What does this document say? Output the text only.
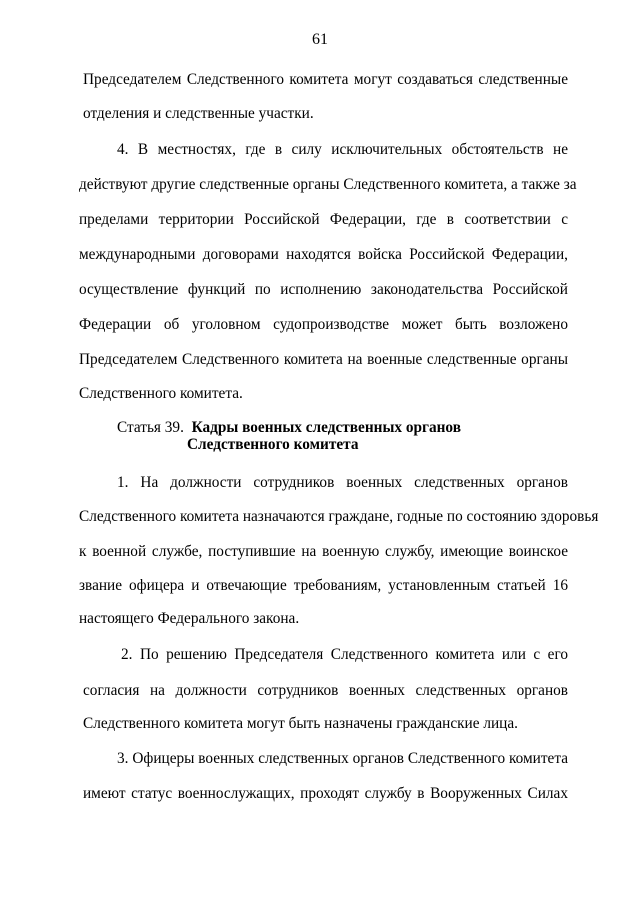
61
Председателем Следственного комитета могут создаваться следственные
отделения и следственные участки.
4. В местностях, где в силу исключительных обстоятельств не
действуют другие следственные органы Следственного комитета, а также за
пределами территории Российской Федерации, где в соответствии с
международными договорами находятся войска Российской Федерации,
осуществление функций по исполнению законодательства Российской
Федерации об уголовном судопроизводстве может быть возложено
Председателем Следственного комитета на военные следственные органы
Следственного комитета.
Статья 39. Кадры военных следственных органов
Следственного комитета
1. На должности сотрудников военных следственных органов
Следственного комитета назначаются граждане, годные по состоянию здоровья
к военной службе, поступившие на военную службу, имеющие воинское
звание офицера и отвечающие требованиям, установленным статьей 16
настоящего Федерального закона.
2. По решению Председателя Следственного комитета или с его
согласия на должности сотрудников военных следственных органов
Следственного комитета могут быть назначены гражданские лица.
3. Офицеры военных следственных органов Следственного комитета
имеют статус военнослужащих, проходят службу в Вооруженных Силах
